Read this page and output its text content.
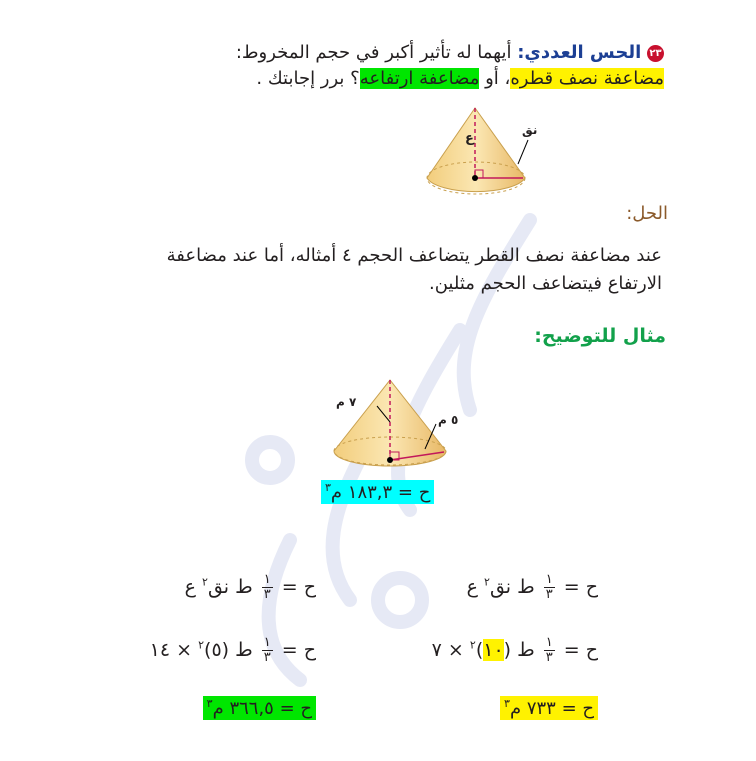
٢٣ الحس العددي: أيهما له تأثير أكبر في حجم المخروط:
مضاعفة نصف قطره، أو مضاعفة ارتفاعه؟ برر إجابتك .
ع
نق
الحل:
عند مضاعفة نصف القطر يتضاعف الحجم ٤ أمثاله، أما عند مضاعفة الارتفاع فيتضاعف الحجم مثلين.
مثال للتوضيح:
٧ م
٥ م
ح = ١٨٣,٣ م$^٣$
ح =
$\frac{١}{٣}$
ط نق$^٢$ ع
ح =
$\frac{١}{٣}$
ط (١٠)$^٢$ × ٧
ح = ٧٣٣ م$^٣$
ح =
$\frac{١}{٣}$
ط نق$^٢$ ع
ح =
$\frac{١}{٣}$
ط (٥)$^٢$ × ١٤
ح = ٣٦٦,٥ م$^٣$
